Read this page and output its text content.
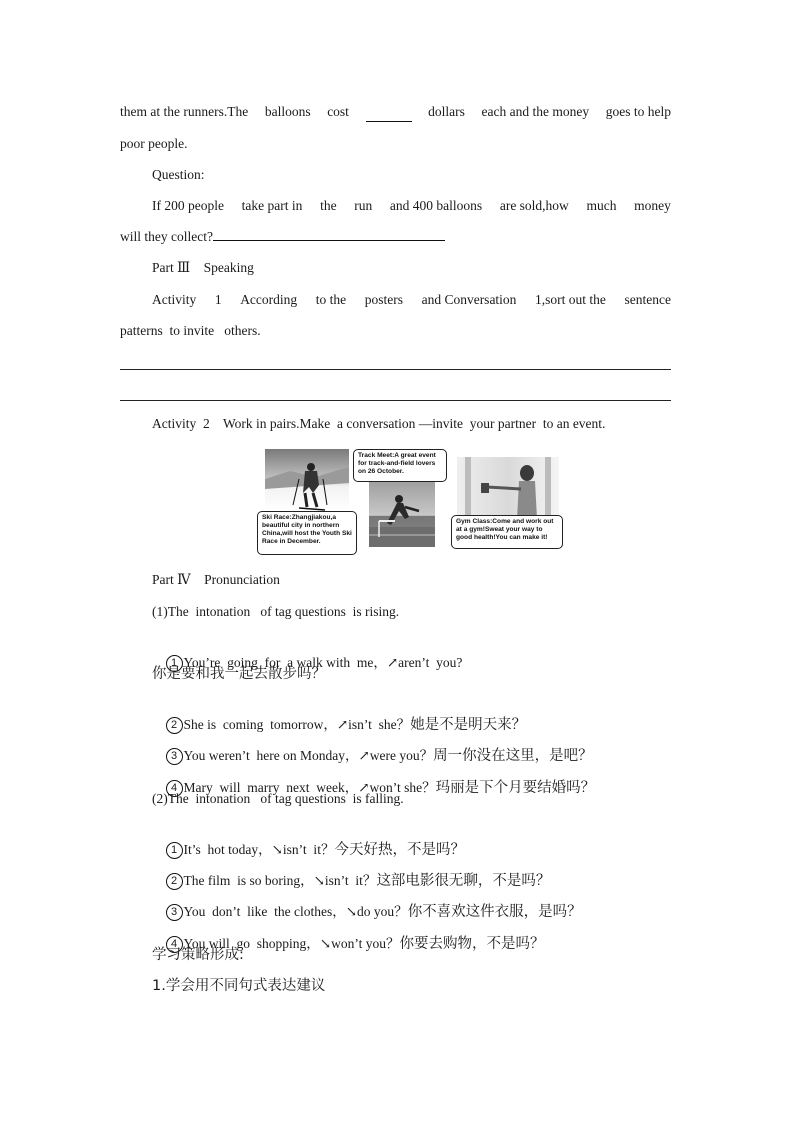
them at the runners.The balloons cost	dollars each and the money goes to help
poor people.
Question:
If 200 people take part in the run and 400 balloons are sold,how much money
will they collect?
Part Ⅲ    Speaking
Activity 1 According to the posters and Conversation 1,sort out the sentence
patterns  to invite   others.
Activity  2    Work in pairs.Make  a conversation —invite  your partner  to an event.
Ski Race:Zhangjiakou,a beautiful city in northern China,will host the Youth Ski Race in December.
Track Meet:A great event for track-and-field lovers on 26 October.
Gym Class:Come and work out at a gym!Sweat your way to good health!You can make it!
Part Ⅳ    Pronunciation
(1)The  intonation   of tag questions  is rising.

1 You’re  going  for  a walk with  me，↗aren’t  you?

你是要和我一起去散步吗？

2 She is  coming  tomorrow，↗isn’t  she？她是不是明天来？

3 You weren’t  here on Monday，↗were you？周一你没在这里，是吧？

4 Mary  will  marry  next  week，↗won’t she？玛丽是下个月要结婚吗？

(2)The  intonation   of tag questions  is falling.

1 It’s  hot today，↘isn’t  it？今天好热，不是吗？

2 The film  is so boring，↘isn’t  it？这部电影很无聊，不是吗？

3 You  don’t  like  the clothes，↘do you？你不喜欢这件衣服，是吗？

4 You will  go  shopping，↘won’t you？你要去购物，不是吗？

学习策略形成:
1.学会用不同句式表达建议
